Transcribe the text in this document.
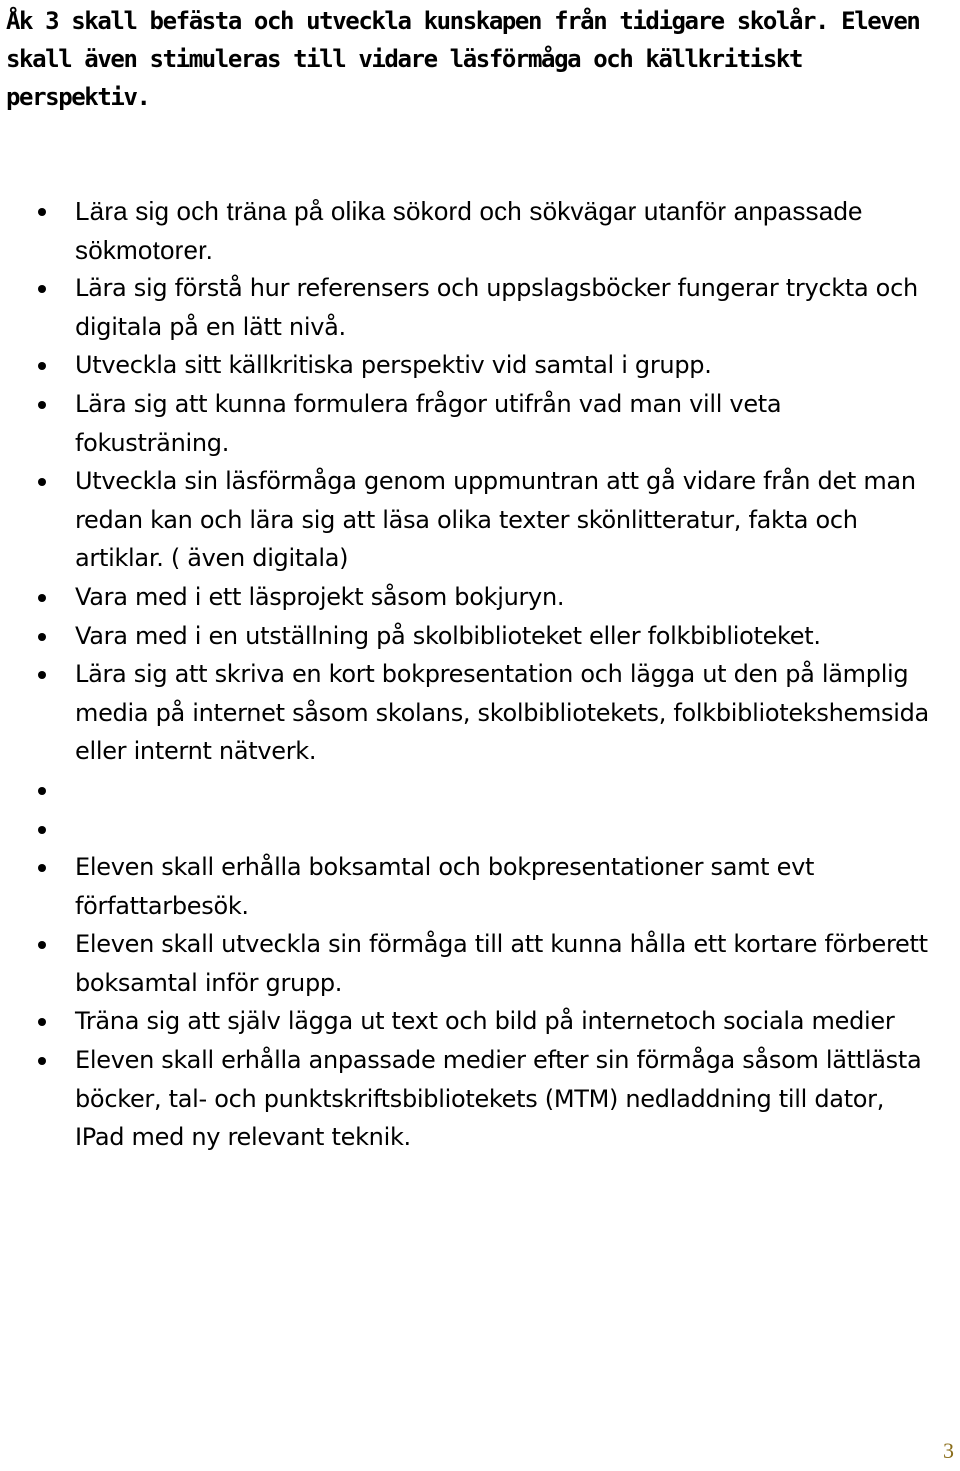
Åk 3 skall befästa och utveckla kunskapen från tidigare skolår. Eleven skall även stimuleras till vidare läsförmåga och källkritiskt perspektiv.

Lära sig och träna på olika sökord och sökvägar utanför anpassade sökmotorer.
Lära sig förstå hur referensers och uppslagsböcker fungerar tryckta och digitala på en lätt nivå.
Utveckla sitt källkritiska perspektiv vid samtal i grupp.
Lära sig att kunna formulera frågor utifrån vad man vill veta fokusträning.
Utveckla sin läsförmåga genom uppmuntran att gå vidare från det man redan kan och lära sig att läsa olika texter skönlitteratur, fakta och artiklar. ( även digitala)
Vara med i ett läsprojekt såsom bokjuryn.
Vara med i en utställning på skolbiblioteket eller folkbiblioteket.
Lära sig att skriva en kort bokpresentation och lägga ut den på lämplig media på internet såsom skolans, skolbibliotekets, folkbibliotekshemsida eller internt nätverk.
Eleven skall erhålla boksamtal och bokpresentationer samt evt författarbesök.
Eleven skall utveckla sin förmåga till att kunna hålla ett kortare förberett boksamtal inför grupp.
Träna sig att själv lägga ut text och bild på internetoch sociala medier
Eleven skall erhålla anpassade medier efter sin förmåga såsom lättlästa böcker, tal- och punktskriftsbibliotekets (MTM) nedladdning till dator, IPad med ny relevant teknik.
3
